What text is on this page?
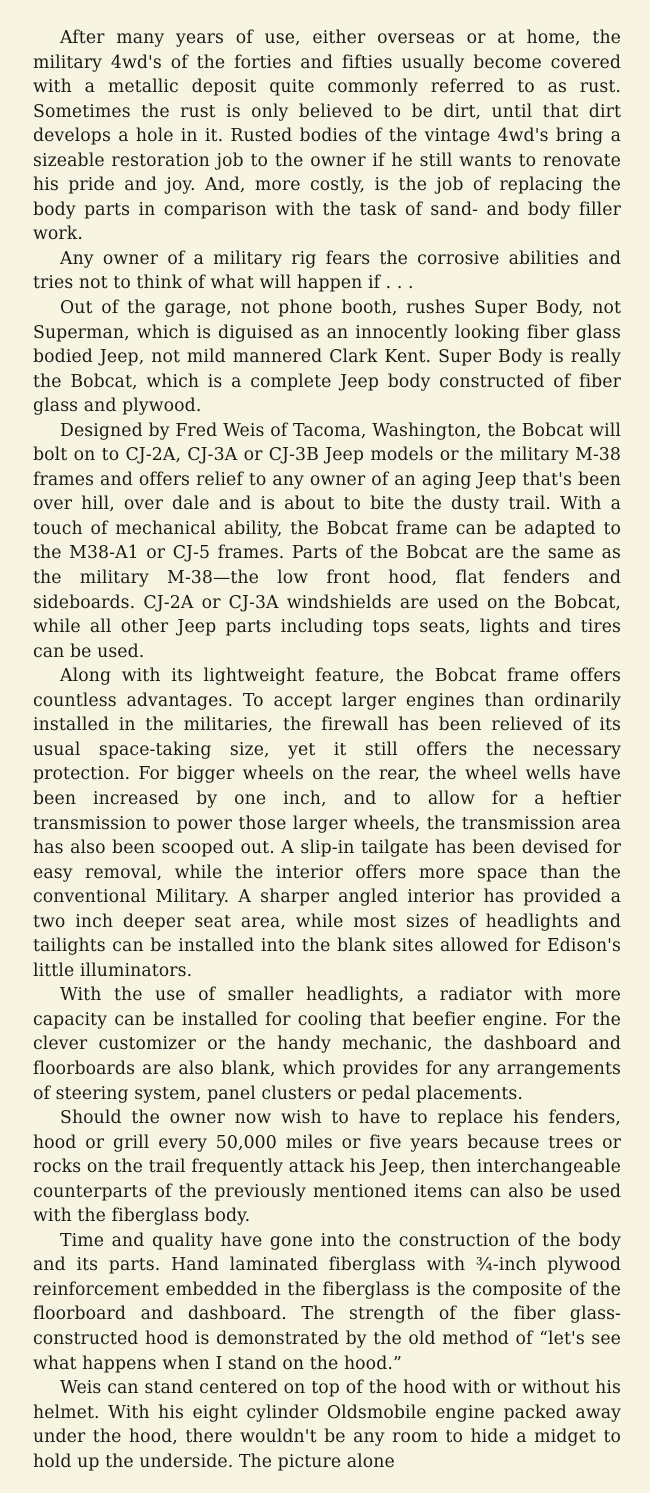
After many years of use, either overseas or at home, the military 4wd's of the forties and fifties usually become covered with a metallic deposit quite commonly referred to as rust. Sometimes the rust is only believed to be dirt, until that dirt develops a hole in it. Rusted bodies of the vintage 4wd's bring a sizeable restoration job to the owner if he still wants to renovate his pride and joy. And, more costly, is the job of replacing the body parts in comparison with the task of sand- and body filler work.

Any owner of a military rig fears the corrosive abilities and tries not to think of what will happen if . . .

Out of the garage, not phone booth, rushes Super Body, not Superman, which is diguised as an innocently looking fiber glass bodied Jeep, not mild mannered Clark Kent. Super Body is really the Bobcat, which is a complete Jeep body constructed of fiber glass and plywood.

Designed by Fred Weis of Tacoma, Washington, the Bobcat will bolt on to CJ-2A, CJ-3A or CJ-3B Jeep models or the military M-38 frames and offers relief to any owner of an aging Jeep that's been over hill, over dale and is about to bite the dusty trail. With a touch of mechanical ability, the Bobcat frame can be adapted to the M38-A1 or CJ-5 frames. Parts of the Bobcat are the same as the military M-38—the low front hood, flat fenders and sideboards. CJ-2A or CJ-3A windshields are used on the Bobcat, while all other Jeep parts including tops seats, lights and tires can be used.

Along with its lightweight feature, the Bobcat frame offers countless advantages. To accept larger engines than ordinarily installed in the militaries, the firewall has been relieved of its usual space-taking size, yet it still offers the necessary protection. For bigger wheels on the rear, the wheel wells have been increased by one inch, and to allow for a heftier transmission to power those larger wheels, the transmission area has also been scooped out. A slip-in tailgate has been devised for easy removal, while the interior offers more space than the conventional Military. A sharper angled interior has provided a two inch deeper seat area, while most sizes of headlights and tailights can be installed into the blank sites allowed for Edison's little illuminators.

With the use of smaller headlights, a radiator with more capacity can be installed for cooling that beefier engine. For the clever customizer or the handy mechanic, the dashboard and floorboards are also blank, which provides for any arrangements of steering system, panel clusters or pedal placements.

Should the owner now wish to have to replace his fenders, hood or grill every 50,000 miles or five years because trees or rocks on the trail frequently attack his Jeep, then interchangeable counterparts of the previously mentioned items can also be used with the fiberglass body.

Time and quality have gone into the construction of the body and its parts. Hand laminated fiberglass with ¾-inch plywood reinforcement embedded in the fiberglass is the composite of the floorboard and dashboard. The strength of the fiber glass-constructed hood is demonstrated by the old method of “let's see what happens when I stand on the hood.”

Weis can stand centered on top of the hood with or without his helmet. With his eight cylinder Oldsmobile engine packed away under the hood, there wouldn't be any room to hide a midget to hold up the underside. The picture alone
